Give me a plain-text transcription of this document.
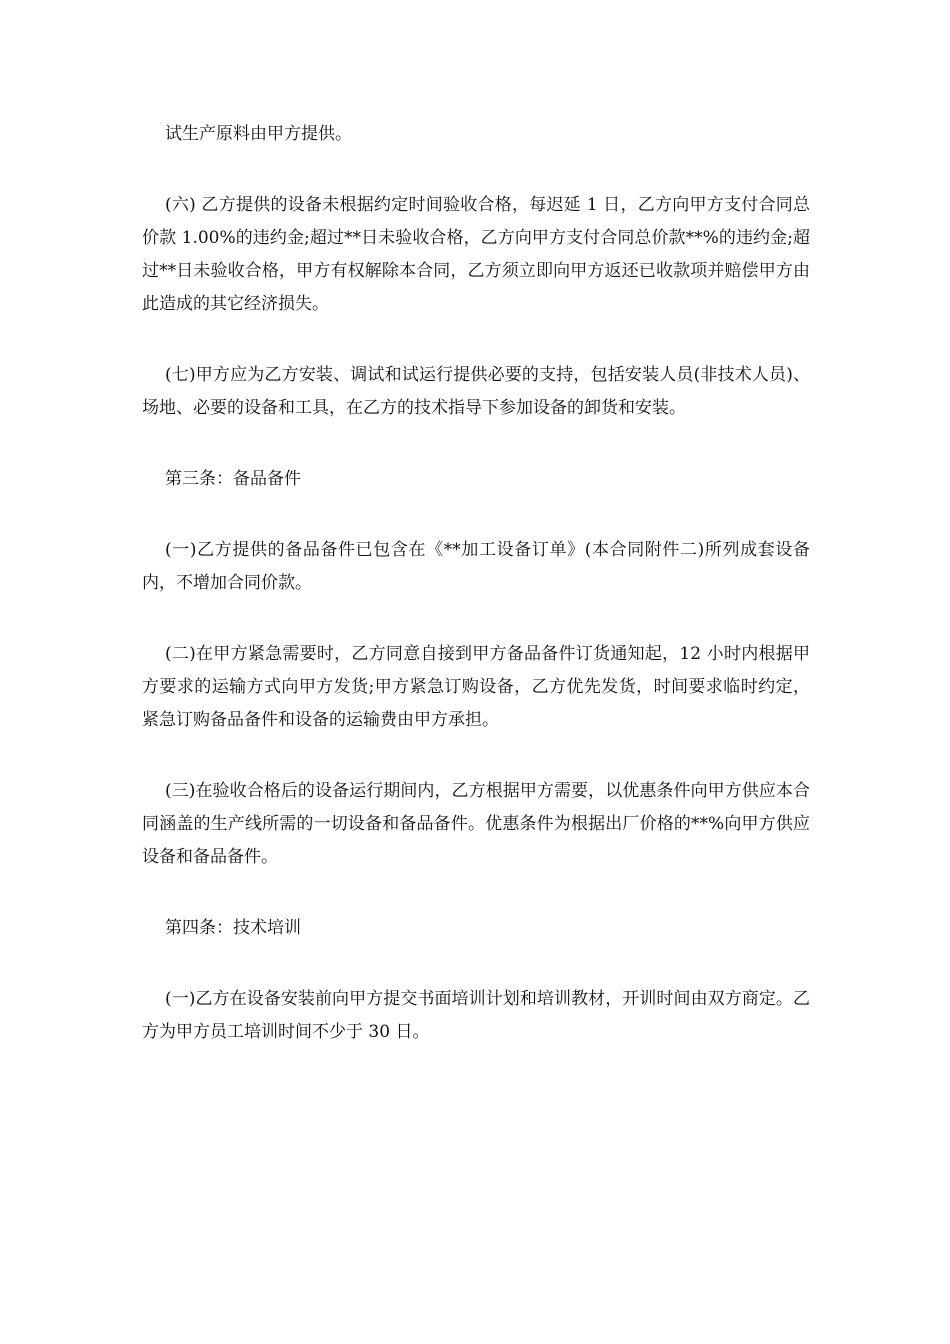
试生产原料由甲方提供。

(六) 乙方提供的设备未根据约定时间验收合格，每迟延 1 日，乙方向甲方支付合同总价款 1.00%的违约金;超过**日未验收合格，乙方向甲方支付合同总价款**%的违约金;超过**日未验收合格，甲方有权解除本合同，乙方须立即向甲方返还已收款项并赔偿甲方由此造成的其它经济损失。

(七)甲方应为乙方安装、调试和试运行提供必要的支持，包括安装人员(非技术人员)、场地、必要的设备和工具，在乙方的技术指导下参加设备的卸货和安装。

第三条：备品备件

(一)乙方提供的备品备件已包含在《**加工设备订单》(本合同附件二)所列成套设备内，不增加合同价款。

(二)在甲方紧急需要时，乙方同意自接到甲方备品备件订货通知起，12 小时内根据甲方要求的运输方式向甲方发货;甲方紧急订购设备，乙方优先发货，时间要求临时约定，紧急订购备品备件和设备的运输费由甲方承担。

(三)在验收合格后的设备运行期间内，乙方根据甲方需要，以优惠条件向甲方供应本合同涵盖的生产线所需的一切设备和备品备件。优惠条件为根据出厂价格的**%向甲方供应设备和备品备件。

第四条：技术培训

(一)乙方在设备安装前向甲方提交书面培训计划和培训教材，开训时间由双方商定。乙方为甲方员工培训时间不少于 30 日。
